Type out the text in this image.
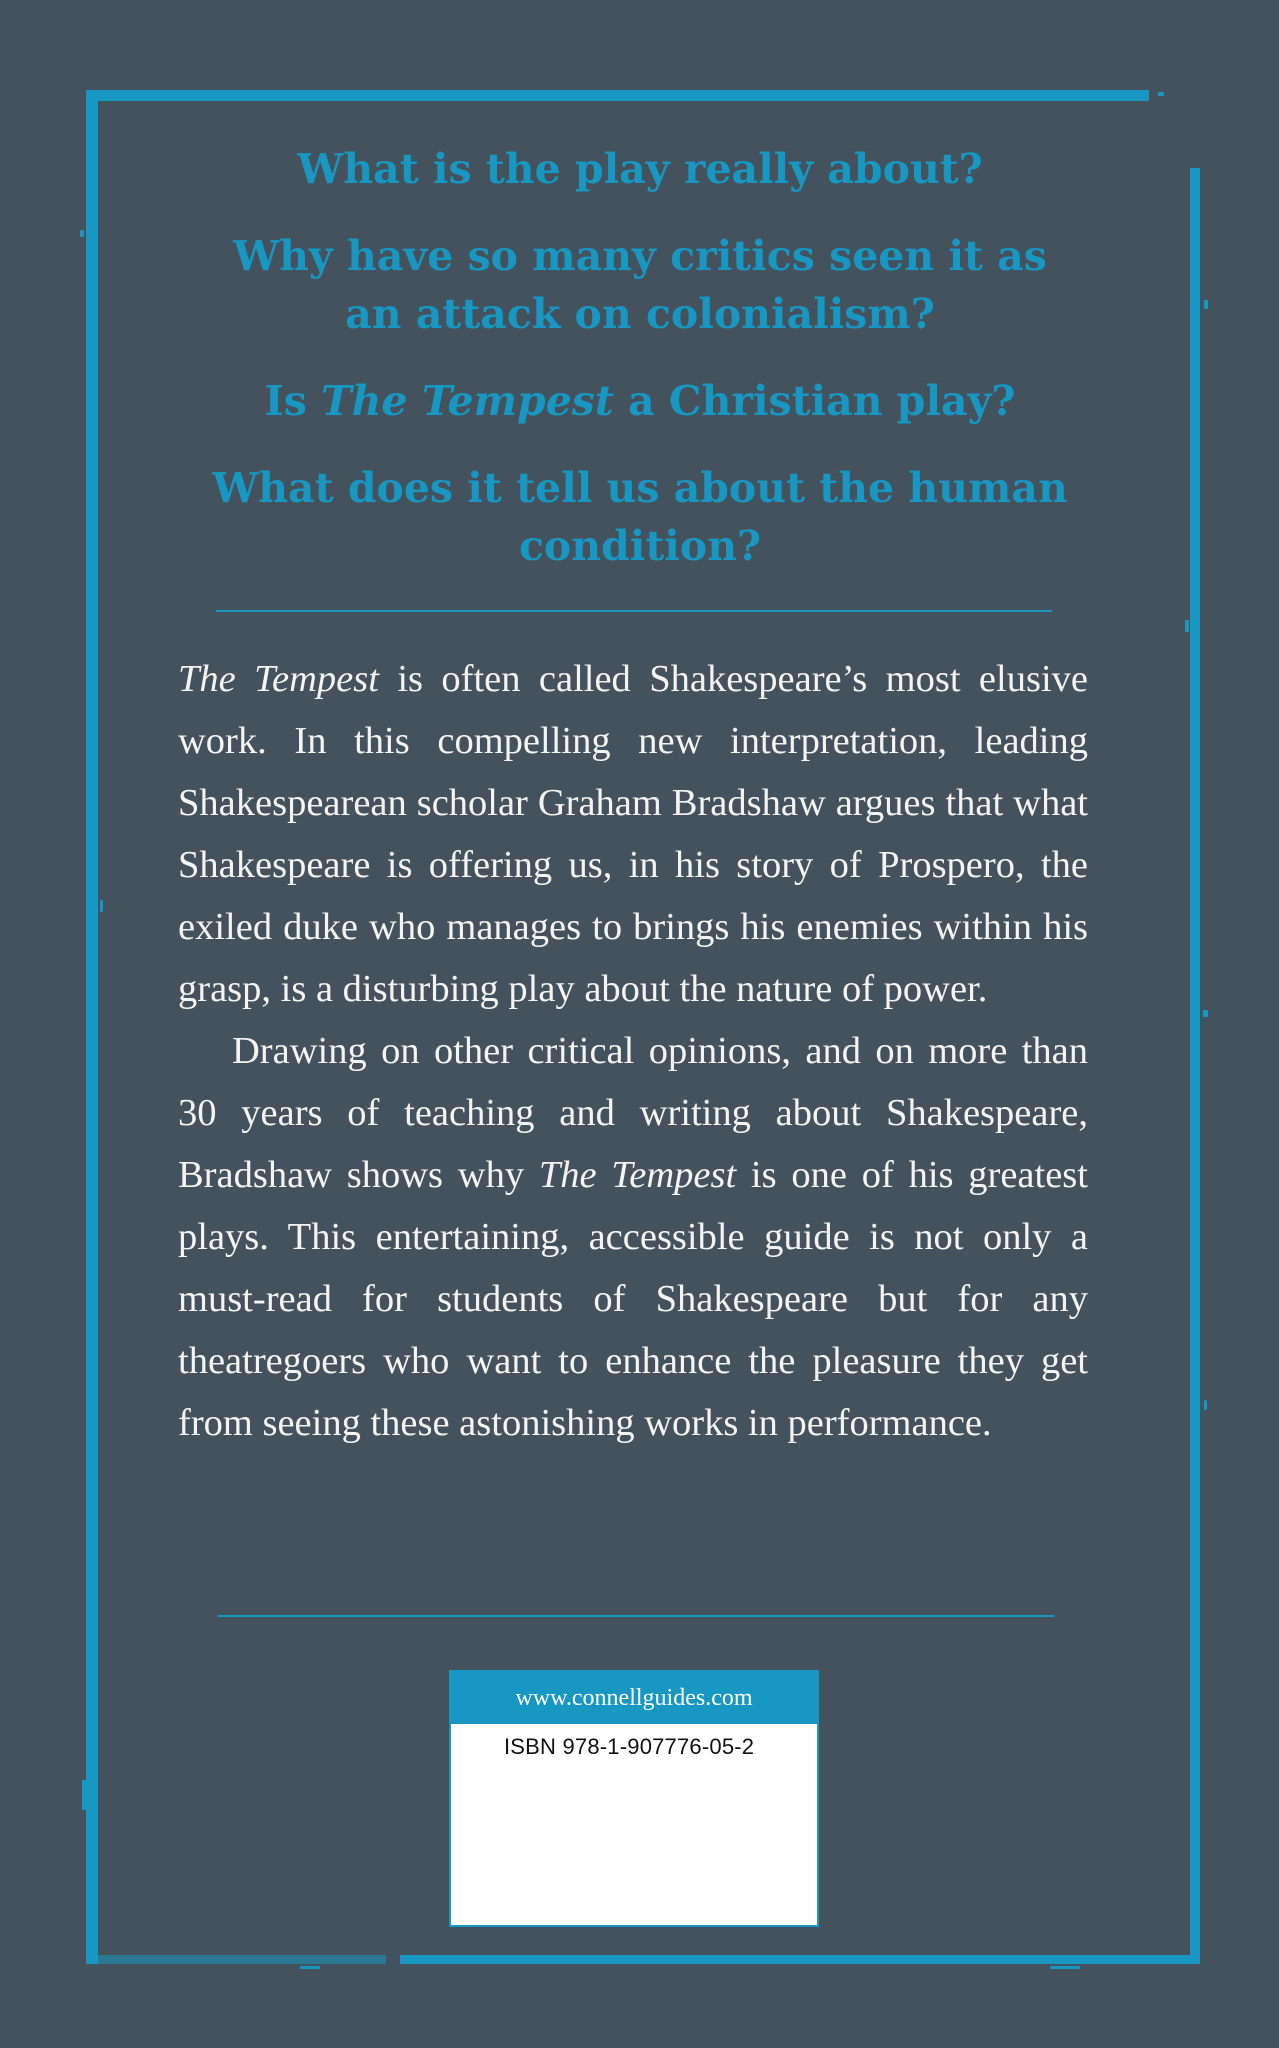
What is the play really about?

Why have so many critics seen it as
an attack on colonialism?

Is The Tempest a Christian play?

What does it tell us about the human
condition?

The Tempest is often called Shakespeare’s most elusive work. In this compelling new interpretation, leading Shakespearean scholar Graham Bradshaw argues that what Shakespeare is offering us, in his story of Prospero, the exiled duke who manages to brings his enemies within his grasp, is a disturbing play about the nature of power.

Drawing on other critical opinions, and on more than 30 years of teaching and writing about Shakespeare, Bradshaw shows why The Tempest is one of his greatest plays. This entertaining, accessible guide is not only a must-read for students of Shakespeare but for any theatregoers who want to enhance the pleasure they get from seeing these astonishing works in performance.

www.connellguides.com
ISBN 978-1-907776-05-2
